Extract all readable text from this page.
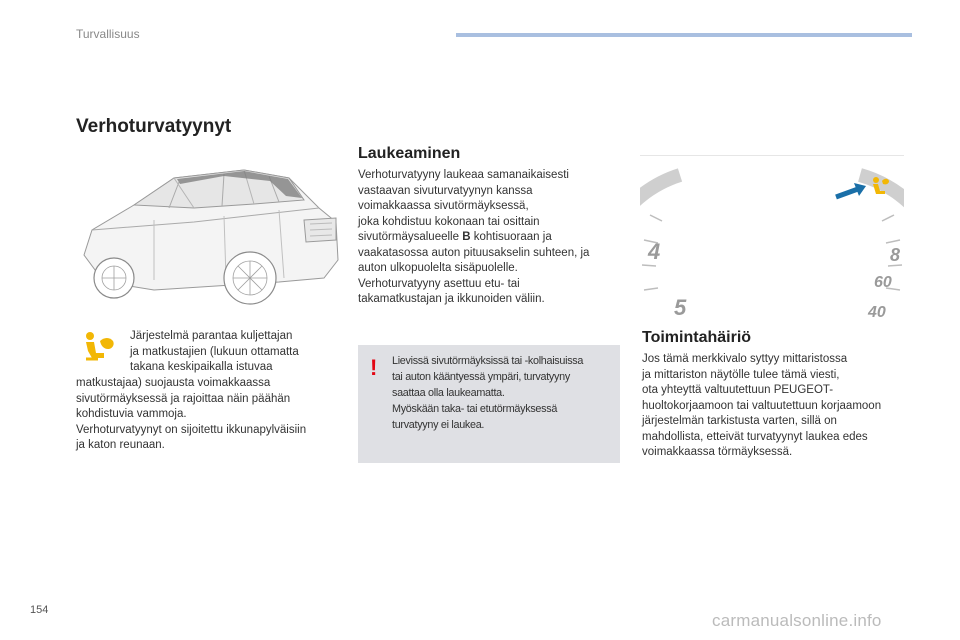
Turvallisuus
Verhoturvatyynyt
Järjestelmä parantaa kuljettajan
ja matkustajien (lukuun ottamatta
takana keskipaikalla istuvaa
matkustajaa) suojausta voimakkaassa
sivutörmäyksessä ja rajoittaa näin päähän
kohdistuvia vammoja.
Verhoturvatyynyt on sijoitettu ikkunapylväisiin
ja katon reunaan.
Laukeaminen
Verhoturvatyyny laukeaa samanaikaisesti
vastaavan sivuturvatyynyn kanssa
voimakkaassa sivutörmäyksessä,
joka kohdistuu kokonaan tai osittain
sivutörmäysalueelle B kohtisuoraan ja
vaakatasossa auton pituusakselin suhteen, ja
auton ulkopuolelta sisäpuolelle.
Verhoturvatyyny asettuu etu- tai
takamatkustajan ja ikkunoiden väliin.
! Lievissä sivutörmäyksissä tai -kolhaisuissa
tai auton kääntyessä ympäri, turvatyyny
saattaa olla laukeamatta.
Myöskään taka- tai etutörmäyksessä
turvatyyny ei laukea.
4
5
8
60
40
Toimintahäiriö
Jos tämä merkkivalo syttyy mittaristossa
ja mittariston näytölle tulee tämä viesti,
ota yhteyttä valtuutettuun PEUGEOT-
huoltokorjaamoon tai valtuutettuun korjaamoon
järjestelmän tarkistusta varten, sillä on
mahdollista, etteivät turvatyynyt laukea edes
voimakkaassa törmäyksessä.
154
carmanualsonline.info
